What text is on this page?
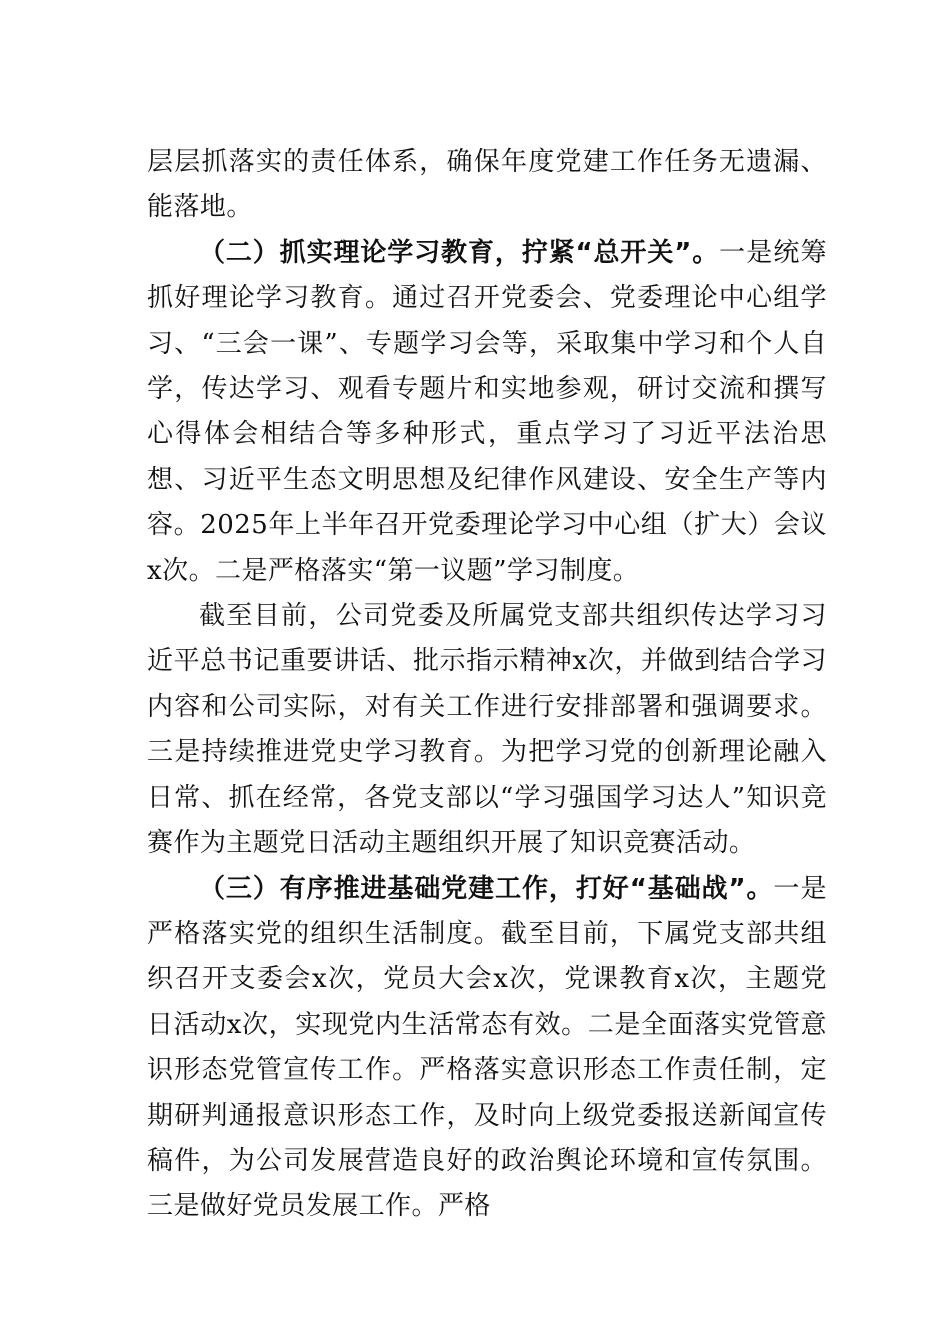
层层抓落实的责任体系，确保年度党建工作任务无遗漏、能落地。

（二）抓实理论学习教育，拧紧“总开关”。一是统筹抓好理论学习教育。通过召开党委会、党委理论中心组学习、“三会一课”、专题学习会等，采取集中学习和个人自学，传达学习、观看专题片和实地参观，研讨交流和撰写心得体会相结合等多种形式，重点学习了习近平法治思想、习近平生态文明思想及纪律作风建设、安全生产等内容。2025年上半年召开党委理论学习中心组（扩大）会议x次。二是严格落实“第一议题”学习制度。

截至目前，公司党委及所属党支部共组织传达学习习近平总书记重要讲话、批示指示精神x次，并做到结合学习内容和公司实际，对有关工作进行安排部署和强调要求。三是持续推进党史学习教育。为把学习党的创新理论融入日常、抓在经常，各党支部以“学习强国学习达人”知识竞赛作为主题党日活动主题组织开展了知识竞赛活动。

（三）有序推进基础党建工作，打好“基础战”。一是严格落实党的组织生活制度。截至目前，下属党支部共组织召开支委会x次，党员大会x次，党课教育x次，主题党日活动x次，实现党内生活常态有效。二是全面落实党管意识形态党管宣传工作。严格落实意识形态工作责任制，定期研判通报意识形态工作，及时向上级党委报送新闻宣传稿件，为公司发展营造良好的政治舆论环境和宣传氛围。三是做好党员发展工作。严格
